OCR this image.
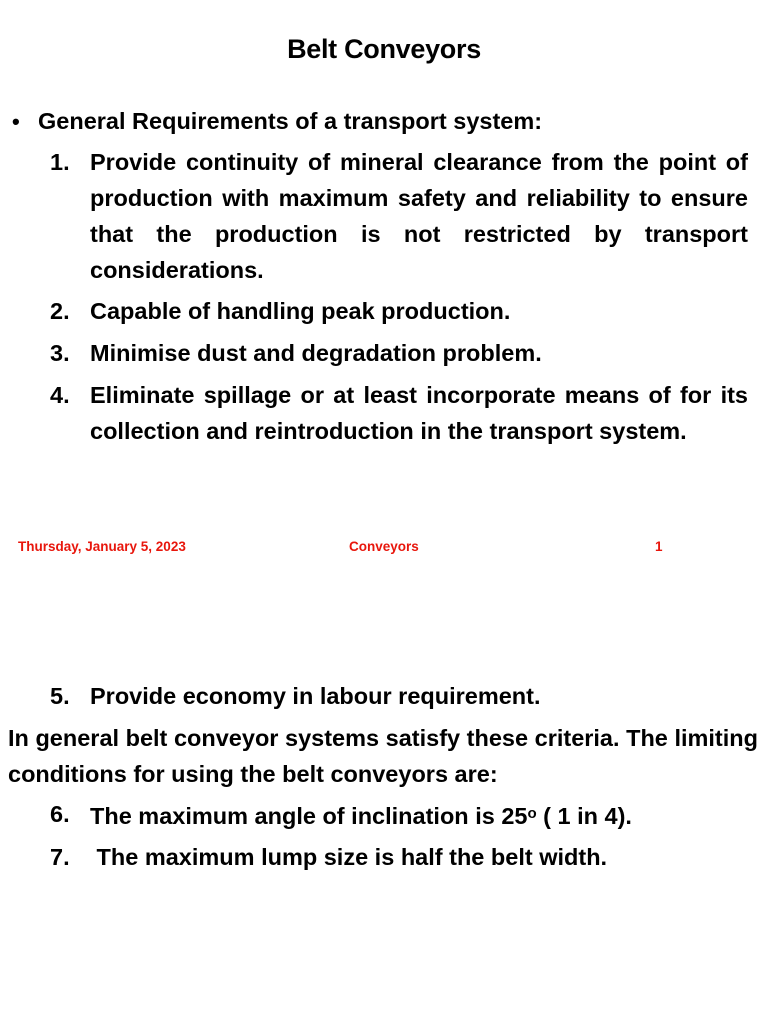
Belt Conveyors
• General Requirements of a transport system:
1. Provide continuity of mineral clearance from the point of production with maximum safety and reliability to ensure that the production is not restricted by transport considerations.
2. Capable of handling peak production.
3. Minimise dust and degradation problem.
4. Eliminate spillage or at least incorporate means of for its collection and reintroduction in the transport system.
Thursday, January 5, 2023	Conveyors	1
5. Provide economy in labour requirement.
In general belt conveyor systems satisfy these criteria. The limiting conditions for using the belt conveyors are:
6. The maximum angle of inclination is 25$^o$ ( 1 in 4).
7. The maximum lump size is half the belt width.
